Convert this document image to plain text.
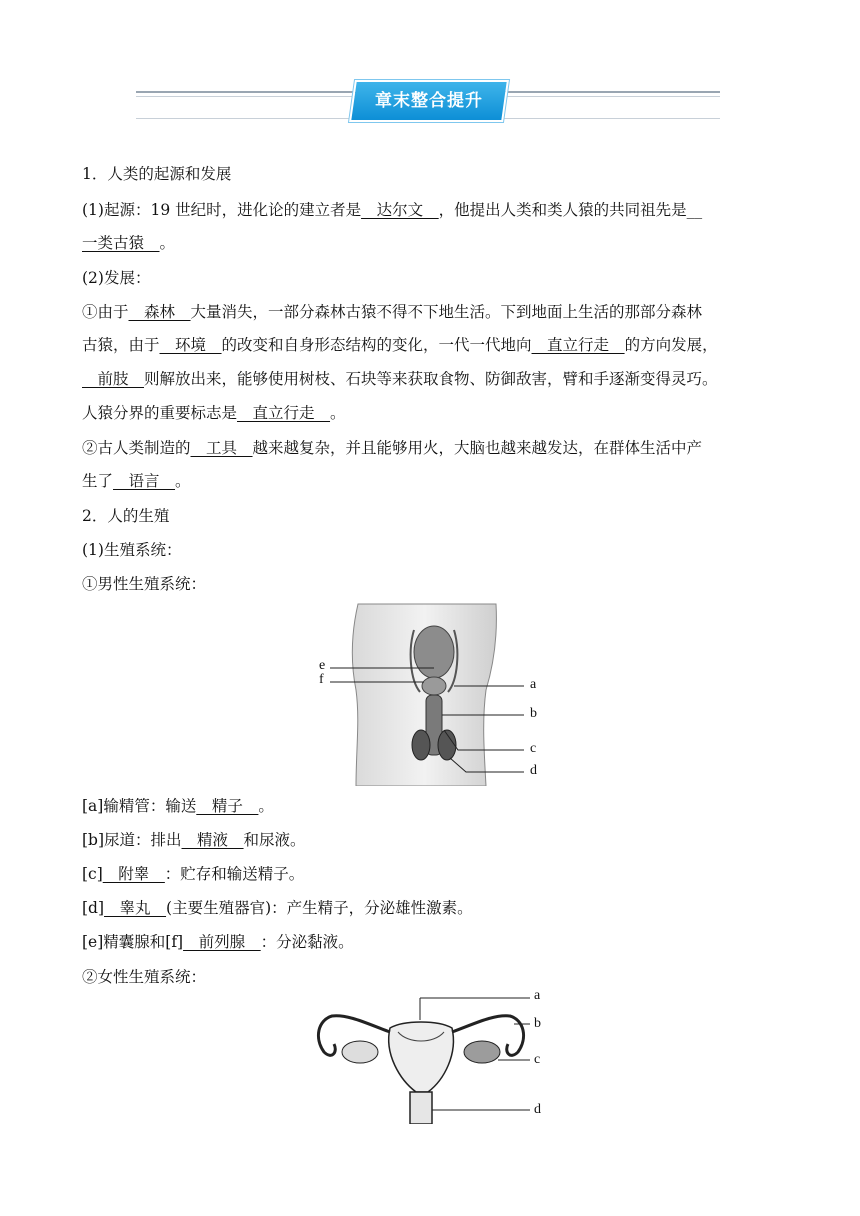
章末整合提升
1．人类的起源和发展
(1)起源：19 世纪时，进化论的建立者是__达尔文__，他提出人类和类人猿的共同祖先是__
一类古猿__。
(2)发展：
①由于__森林__大量消失，一部分森林古猿不得不下地生活。下到地面上生活的那部分森林
古猿，由于__环境__的改变和自身形态结构的变化，一代一代地向__直立行走__的方向发展，
__前肢__则解放出来，能够使用树枝、石块等来获取食物、防御敌害，臂和手逐渐变得灵巧。
人猿分界的重要标志是__直立行走__。
②古人类制造的__工具__越来越复杂，并且能够用火，大脑也越来越发达，在群体生活中产
生了__语言__。
2．人的生殖
(1)生殖系统：
①男性生殖系统：
[a]输精管：输送__精子__。
[b]尿道：排出__精液__和尿液。
[c]__附睾__：贮存和输送精子。
[d]__睾丸__(主要生殖器官)：产生精子，分泌雄性激素。
[e]精囊腺和[f]__前列腺__：分泌黏液。
②女性生殖系统：
e
f	a
b
c
d
a
b
c
d
